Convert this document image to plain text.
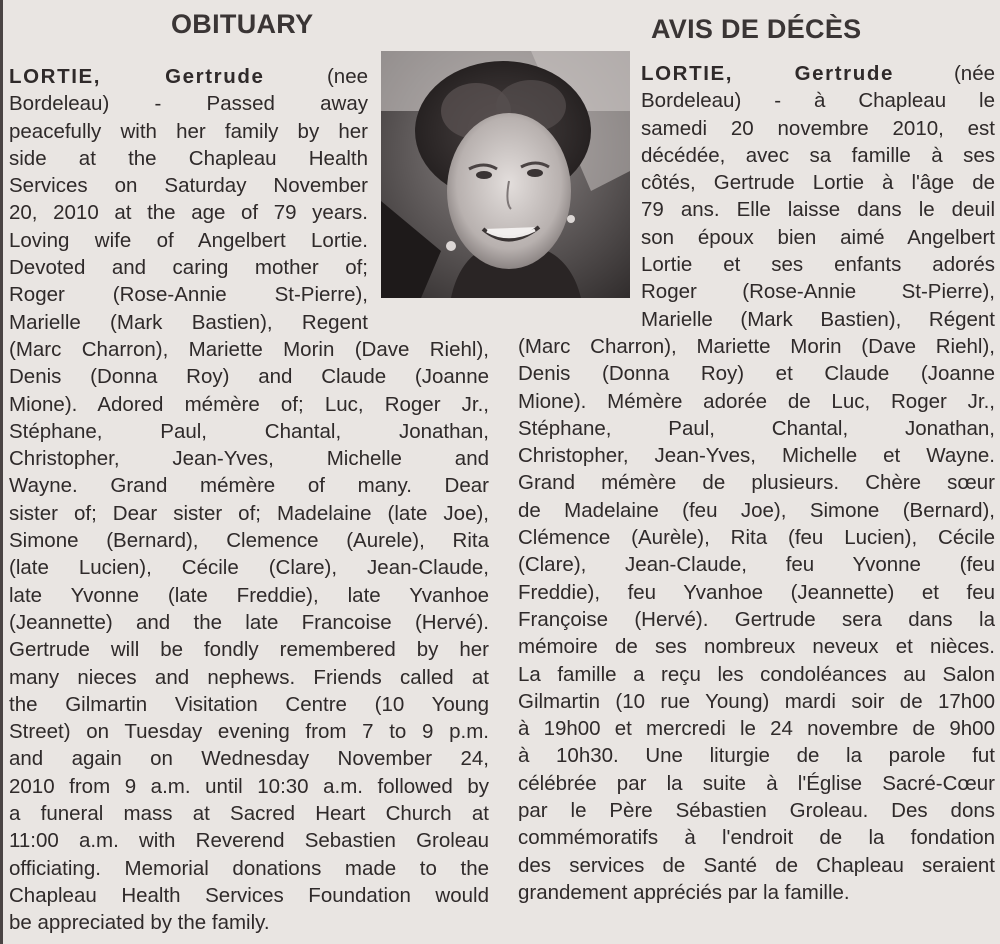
OBITUARY	AVIS DE DÉCÈS
LORTIE, Gertrude (nee
Bordeleau) - Passed away
peacefully with her family by her
side at the Chapleau Health
Services on Saturday November
20, 2010 at the age of 79 years.
Loving wife of Angelbert Lortie.
Devoted and caring mother of;
Roger (Rose-Annie St-Pierre),
Marielle (Mark Bastien), Regent
(Marc Charron), Mariette Morin (Dave Riehl),
Denis (Donna Roy) and Claude (Joanne
Mione). Adored mémère of; Luc, Roger Jr.,
Stéphane, Paul, Chantal, Jonathan,
Christopher, Jean-Yves, Michelle and
Wayne. Grand mémère of many. Dear
sister of; Dear sister of; Madelaine (late Joe),
Simone (Bernard), Clemence (Aurele), Rita
(late Lucien), Cécile (Clare), Jean-Claude,
late Yvonne (late Freddie), late Yvanhoe
(Jeannette) and the late Francoise (Hervé).
Gertrude will be fondly remembered by her
many nieces and nephews. Friends called at
the Gilmartin Visitation Centre (10 Young
Street) on Tuesday evening from 7 to 9 p.m.
and again on Wednesday November 24,
2010 from 9 a.m. until 10:30 a.m. followed by
a funeral mass at Sacred Heart Church at
11:00 a.m. with Reverend Sebastien Groleau
officiating. Memorial donations made to the
Chapleau Health Services Foundation would
be appreciated by the family.
LORTIE, Gertrude (née
Bordeleau) - à Chapleau le
samedi 20 novembre 2010, est
décédée, avec sa famille à ses
côtés, Gertrude Lortie à l'âge de
79 ans. Elle laisse dans le deuil
son époux bien aimé Angelbert
Lortie et ses enfants adorés
Roger (Rose-Annie St-Pierre),
Marielle (Mark Bastien), Régent
(Marc Charron), Mariette Morin (Dave Riehl),
Denis (Donna Roy) et Claude (Joanne
Mione). Mémère adorée de Luc, Roger Jr.,
Stéphane, Paul, Chantal, Jonathan,
Christopher, Jean-Yves, Michelle et Wayne.
Grand mémère de plusieurs. Chère sœur
de Madelaine (feu Joe), Simone (Bernard),
Clémence (Aurèle), Rita (feu Lucien), Cécile
(Clare), Jean-Claude, feu Yvonne (feu
Freddie), feu Yvanhoe (Jeannette) et feu
Françoise (Hervé). Gertrude sera dans la
mémoire de ses nombreux neveux et nièces.
La famille a reçu les condoléances au Salon
Gilmartin (10 rue Young) mardi soir de 17h00
à 19h00 et mercredi le 24 novembre de 9h00
à 10h30. Une liturgie de la parole fut
célébrée par la suite à l'Église Sacré-Cœur
par le Père Sébastien Groleau. Des dons
commémoratifs à l'endroit de la fondation
des services de Santé de Chapleau seraient
grandement appréciés par la famille.
